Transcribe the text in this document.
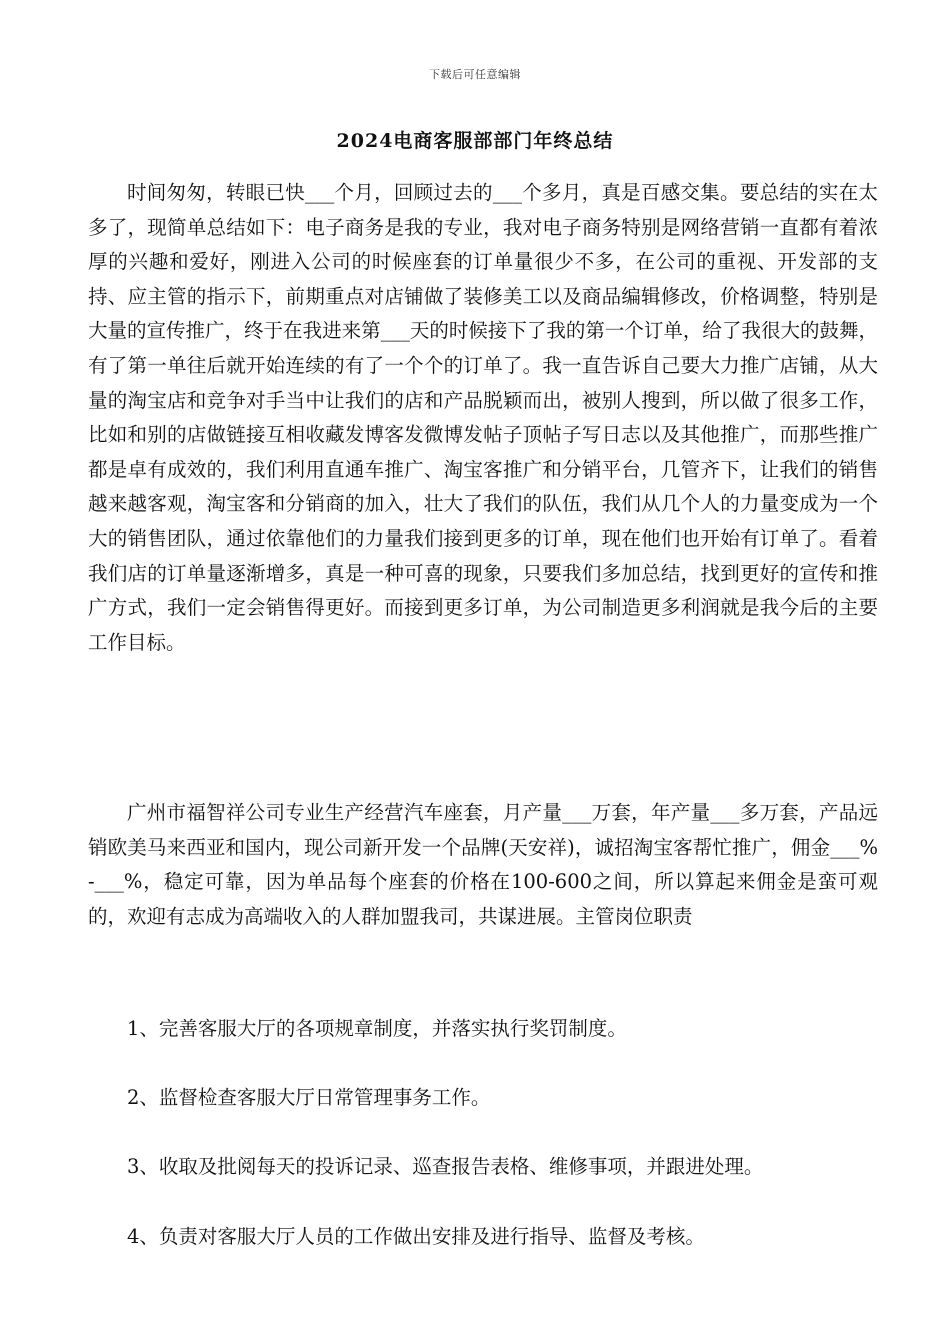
下载后可任意编辑
2024电商客服部部门年终总结

时间匆匆，转眼已快___个月，回顾过去的___个多月，真是百感交集。要总结的实在太多了，现简单总结如下：电子商务是我的专业，我对电子商务特别是网络营销一直都有着浓厚的兴趣和爱好，刚进入公司的时候座套的订单量很少不多，在公司的重视、开发部的支持、应主管的指示下，前期重点对店铺做了装修美工以及商品编辑修改，价格调整，特别是大量的宣传推广，终于在我进来第___天的时候接下了我的第一个订单，给了我很大的鼓舞，有了第一单往后就开始连续的有了一个个的订单了。我一直告诉自己要大力推广店铺，从大量的淘宝店和竞争对手当中让我们的店和产品脱颖而出，被别人搜到，所以做了很多工作，比如和别的店做链接互相收藏发博客发微博发帖子顶帖子写日志以及其他推广，而那些推广都是卓有成效的，我们利用直通车推广、淘宝客推广和分销平台，几管齐下，让我们的销售越来越客观，淘宝客和分销商的加入，壮大了我们的队伍，我们从几个人的力量变成为一个大的销售团队，通过依靠他们的力量我们接到更多的订单，现在他们也开始有订单了。看着我们店的订单量逐渐增多，真是一种可喜的现象，只要我们多加总结，找到更好的宣传和推广方式，我们一定会销售得更好。而接到更多订单，为公司制造更多利润就是我今后的主要工作目标。

广州市福智祥公司专业生产经营汽车座套，月产量___万套，年产量___多万套，产品远销欧美马来西亚和国内，现公司新开发一个品牌(天安祥)，诚招淘宝客帮忙推广，佣金___%-___%，稳定可靠，因为单品每个座套的价格在100-600之间，所以算起来佣金是蛮可观的，欢迎有志成为高端收入的人群加盟我司，共谋进展。主管岗位职责

1、完善客服大厅的各项规章制度，并落实执行奖罚制度。

2、监督检查客服大厅日常管理事务工作。

3、收取及批阅每天的投诉记录、巡查报告表格、维修事项，并跟进处理。

4、负责对客服大厅人员的工作做出安排及进行指导、监督及考核。
